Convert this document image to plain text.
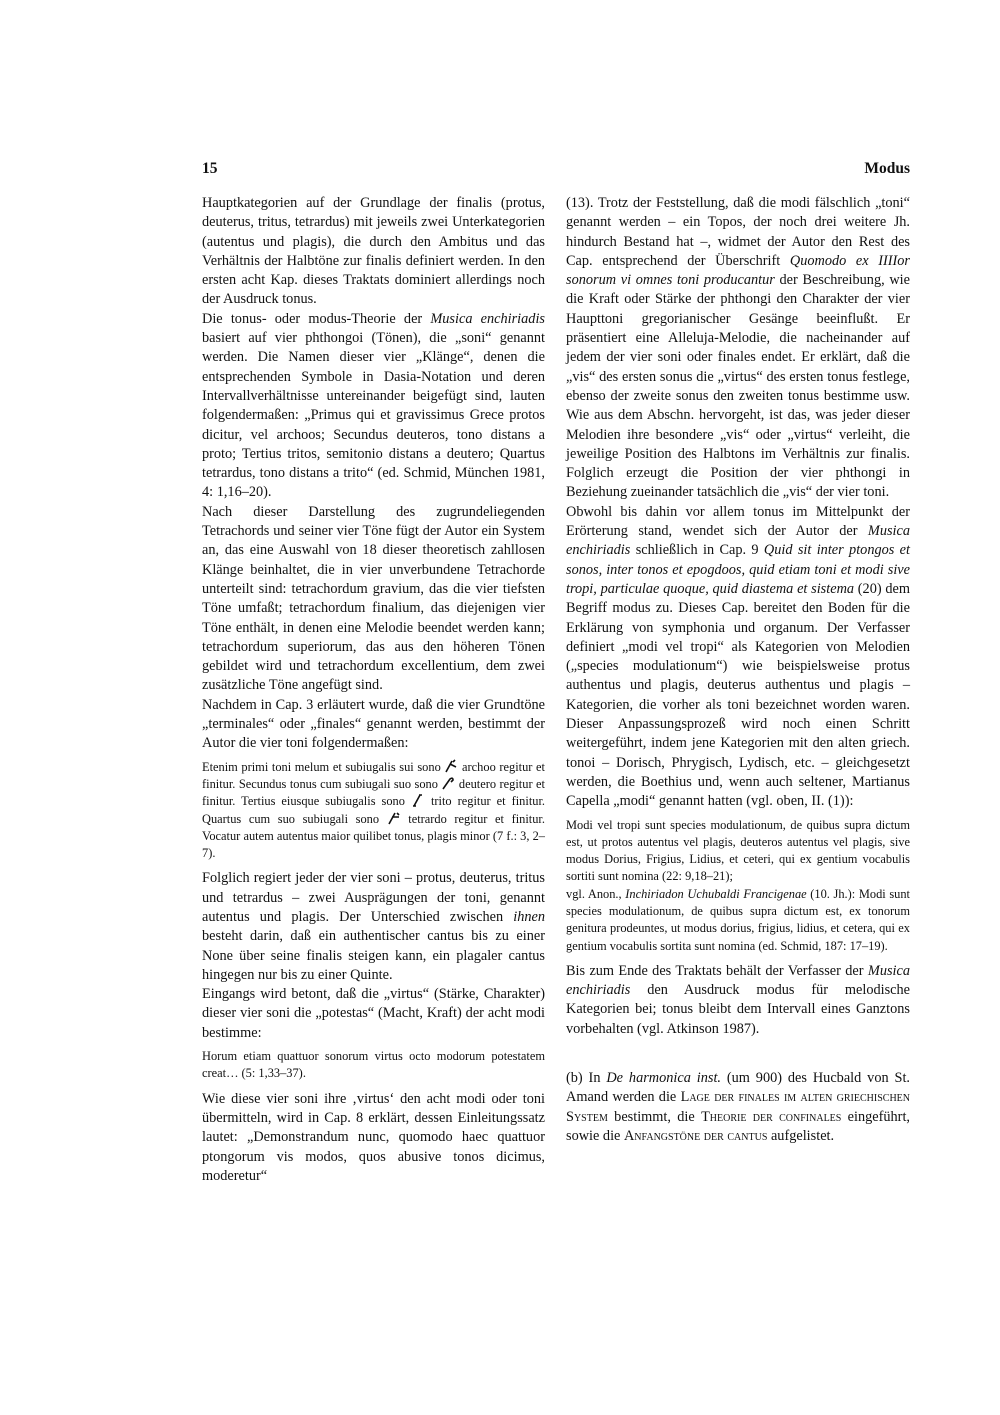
15	Modus

Hauptkategorien auf der Grundlage der finalis (protus, deuterus, tritus, tetrardus) mit jeweils zwei Unterkategorien (autentus und plagis), die durch den Ambitus und das Verhältnis der Halbtöne zur finalis definiert werden. In den ersten acht Kap. dieses Traktats dominiert allerdings noch der Ausdruck tonus.

Die tonus- oder modus-Theorie der Musica enchiriadis basiert auf vier phthongoi (Tönen), die „soni“ genannt werden. Die Namen dieser vier „Klänge“, denen die entsprechenden Symbole in Dasia-Notation und deren Intervallverhältnisse untereinander beigefügt sind, lauten folgendermaßen: „Primus qui et gravissimus Grece protos dicitur, vel archoos; Secundus deuteros, tono distans a proto; Tertius tritos, semitonio distans a deutero; Quartus tetrardus, tono distans a trito“ (ed. Schmid, München 1981, 4: 1,16–20).

Nach dieser Darstellung des zugrundeliegenden Tetrachords und seiner vier Töne fügt der Autor ein System an, das eine Auswahl von 18 dieser theoretisch zahllosen Klänge beinhaltet, die in vier unverbundene Tetrachorde unterteilt sind: tetrachordum gravium, das die vier tiefsten Töne umfaßt; tetrachordum finalium, das diejenigen vier Töne enthält, in denen eine Melodie beendet werden kann; tetrachordum superiorum, das aus den höheren Tönen gebildet wird und tetrachordum excellentium, dem zwei zusätzliche Töne angefügt sind.

Nachdem in Cap. 3 erläutert wurde, daß die vier Grundtöne „terminales“ oder „finales“ genannt werden, bestimmt der Autor die vier toni folgendermaßen:

Etenim primi toni melum et subiugalis sui sono archoo regitur et finitur. Secundus tonus cum subiugali suo sono deutero regitur et finitur. Tertius eiusque subiugalis sono trito regitur et finitur. Quartus cum suo subiugali sono tetrardo regitur et finitur. Vocatur autem autentus maior quilibet tonus, plagis minor (7 f.: 3, 2–7).

Folglich regiert jeder der vier soni – protus, deuterus, tritus und tetrardus – zwei Ausprägungen der toni, genannt autentus und plagis. Der Unterschied zwischen ihnen besteht darin, daß ein authentischer cantus bis zu einer None über seine finalis steigen kann, ein plagaler cantus hingegen nur bis zu einer Quinte.

Eingangs wird betont, daß die „virtus“ (Stärke, Charakter) dieser vier soni die „potestas“ (Macht, Kraft) der acht modi bestimme:

Horum etiam quattuor sonorum virtus octo modorum potestatem creat… (5: 1,33–37).

Wie diese vier soni ihre ‚virtus‘ den acht modi oder toni übermitteln, wird in Cap. 8 erklärt, dessen Einleitungssatz lautet: „Demonstrandum nunc, quomodo haec quattuor ptongorum vis modos, quos abusive tonos dicimus, moderetur“

(13). Trotz der Feststellung, daß die modi fälschlich „toni“ genannt werden – ein Topos, der noch drei weitere Jh. hindurch Bestand hat –, widmet der Autor den Rest des Cap. entsprechend der Überschrift Quomodo ex IIIIor sonorum vi omnes toni producantur der Beschreibung, wie die Kraft oder Stärke der phthongi den Charakter der vier Haupttoni gregorianischer Gesänge beeinflußt. Er präsentiert eine Alleluja-Melodie, die nacheinander auf jedem der vier soni oder finales endet. Er erklärt, daß die „vis“ des ersten sonus die „virtus“ des ersten tonus festlege, ebenso der zweite sonus den zweiten tonus bestimme usw. Wie aus dem Abschn. hervorgeht, ist das, was jeder dieser Melodien ihre besondere „vis“ oder „virtus“ verleiht, die jeweilige Position des Halbtons im Verhältnis zur finalis. Folglich erzeugt die Position der vier phthongi in Beziehung zueinander tatsächlich die „vis“ der vier toni.

Obwohl bis dahin vor allem tonus im Mittelpunkt der Erörterung stand, wendet sich der Autor der Musica enchiriadis schließlich in Cap. 9 Quid sit inter ptongos et sonos, inter tonos et epogdoos, quid etiam toni et modi sive tropi, particulae quoque, quid diastema et sistema (20) dem Begriff modus zu. Dieses Cap. bereitet den Boden für die Erklärung von symphonia und organum. Der Verfasser definiert „modi vel tropi“ als Kategorien von Melodien („species modulationum“) wie beispielsweise protus authentus und plagis, deuterus authentus und plagis – Kategorien, die vorher als toni bezeichnet worden waren. Dieser Anpassungsprozeß wird noch einen Schritt weitergeführt, indem jene Kategorien mit den alten griech. tonoi – Dorisch, Phrygisch, Lydisch, etc. – gleichgesetzt werden, die Boethius und, wenn auch seltener, Martianus Capella „modi“ genannt hatten (vgl. oben, II. (1)):

Modi vel tropi sunt species modulationum, de quibus supra dictum est, ut protos autentus vel plagis, deuteros autentus vel plagis, sive modus Dorius, Frigius, Lidius, et ceteri, qui ex gentium vocabulis sortiti sunt nomina (22: 9,18–21);

vgl. Anon., Inchiriadon Uchubaldi Francigenae (10. Jh.): Modi sunt species modulationum, de quibus supra dictum est, ex tonorum genitura prodeuntes, ut modus dorius, frigius, lidius, et cetera, qui ex gentium vocabulis sortita sunt nomina (ed. Schmid, 187: 17–19).

Bis zum Ende des Traktats behält der Verfasser der Musica enchiriadis den Ausdruck modus für melodische Kategorien bei; tonus bleibt dem Intervall eines Ganztons vorbehalten (vgl. Atkinson 1987).

(b) In De harmonica inst. (um 900) des Hucbald von St. Amand werden die Lage der finales im alten griechischen System bestimmt, die Theorie der confinales eingeführt, sowie die Anfangstöne der cantus aufgelistet.
